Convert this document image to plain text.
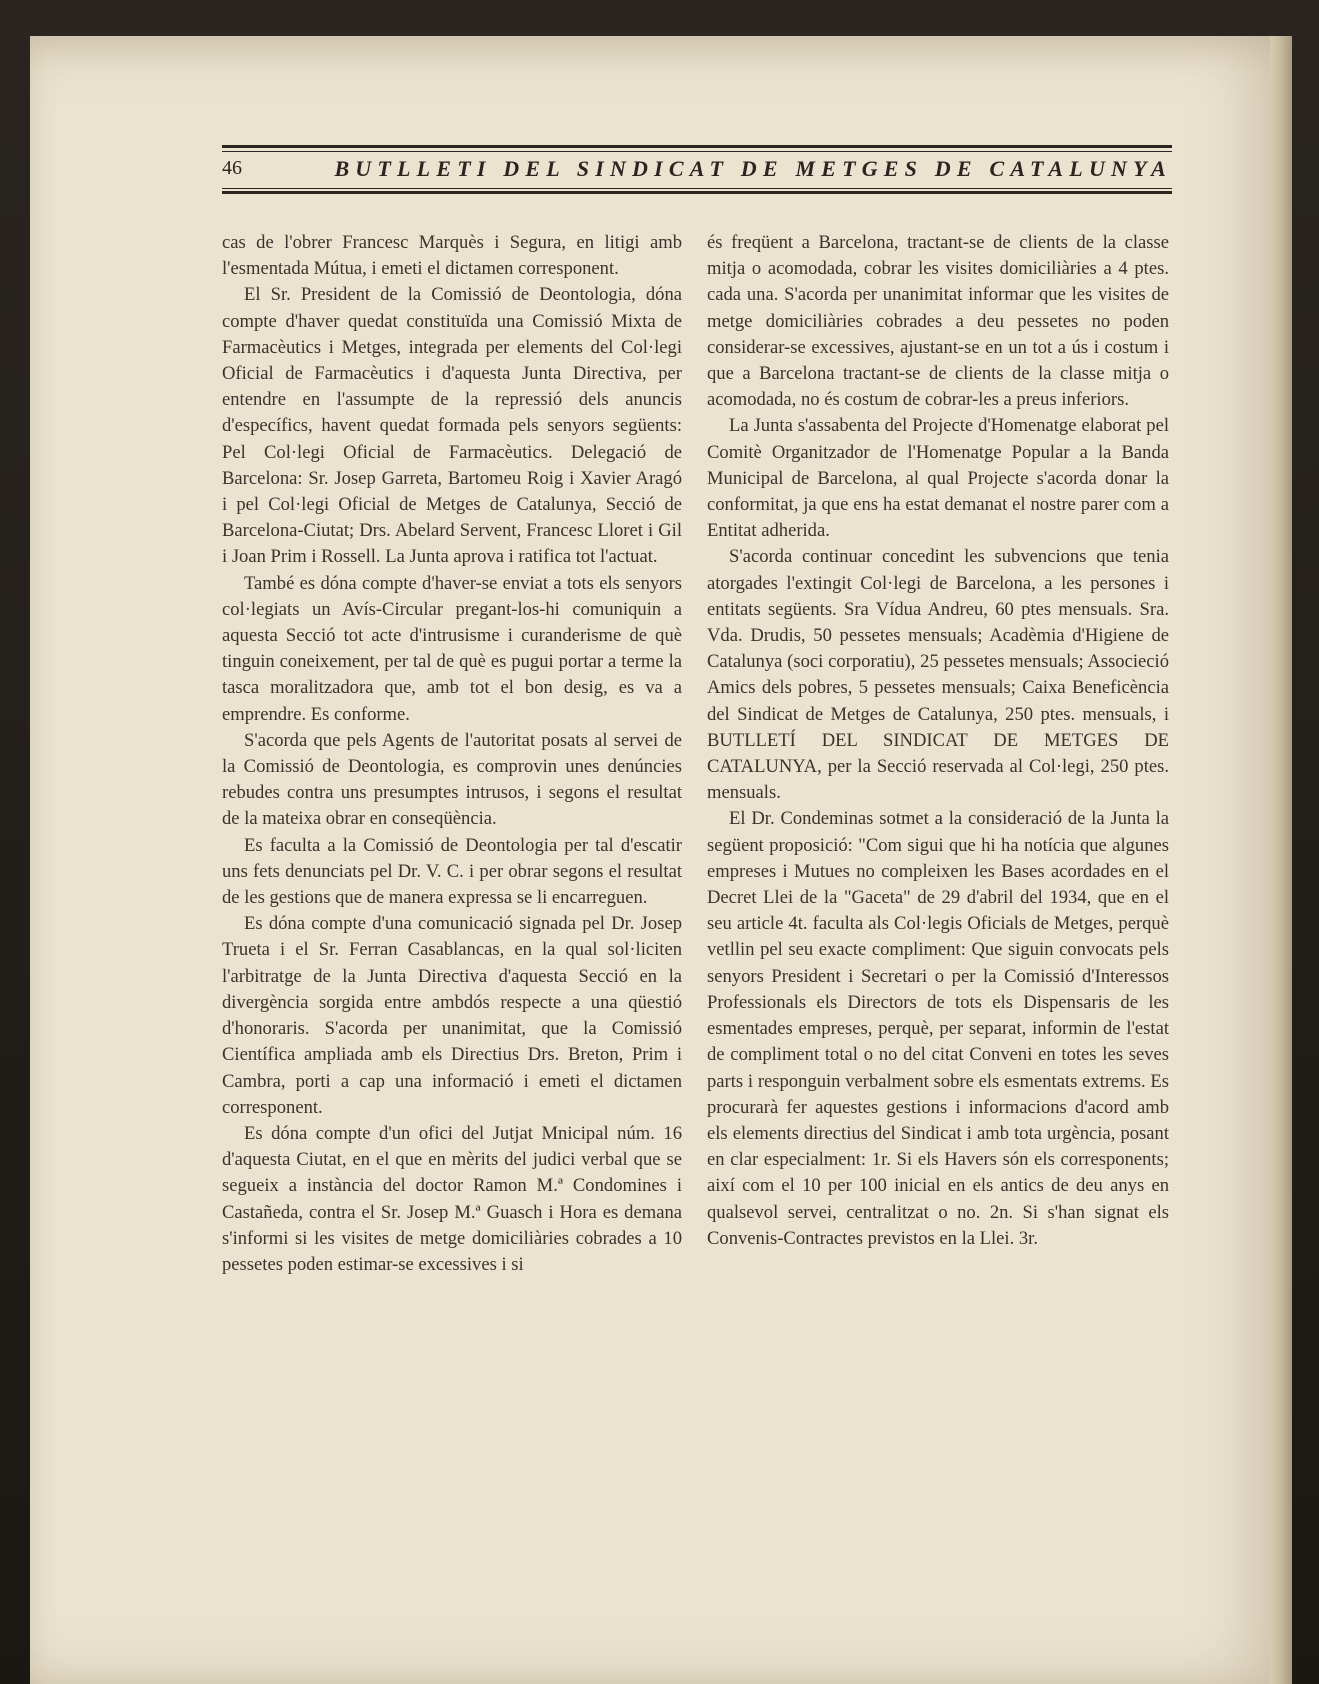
46	BUTLLETI DEL SINDICAT DE METGES DE CATALUNYA

cas de l'obrer Francesc Marquès i Segura, en litigi amb l'esmentada Mútua, i emeti el dictamen corresponent.

El Sr. President de la Comissió de Deontologia, dóna compte d'haver quedat constituïda una Comissió Mixta de Farmacèutics i Metges, integrada per elements del Col·legi Oficial de Farmacèutics i d'aquesta Junta Directiva, per entendre en l'assumpte de la repressió dels anuncis d'específics, havent quedat formada pels senyors següents: Pel Col·legi Oficial de Farmacèutics. Delegació de Barcelona: Sr. Josep Garreta, Bartomeu Roig i Xavier Aragó i pel Col·legi Oficial de Metges de Catalunya, Secció de Barcelona-Ciutat; Drs. Abelard Servent, Francesc Lloret i Gil i Joan Prim i Rossell. La Junta aprova i ratifica tot l'actuat.

També es dóna compte d'haver-se enviat a tots els senyors col·legiats un Avís-Circular pregant-los-hi comuniquin a aquesta Secció tot acte d'intrusisme i curanderisme de què tinguin coneixement, per tal de què es pugui portar a terme la tasca moralitzadora que, amb tot el bon desig, es va a emprendre. Es conforme.

S'acorda que pels Agents de l'autoritat posats al servei de la Comissió de Deontologia, es comprovin unes denúncies rebudes contra uns presumptes intrusos, i segons el resultat de la mateixa obrar en conseqüència.

Es faculta a la Comissió de Deontologia per tal d'escatir uns fets denunciats pel Dr. V. C. i per obrar segons el resultat de les gestions que de manera expressa se li encarreguen.

Es dóna compte d'una comunicació signada pel Dr. Josep Trueta i el Sr. Ferran Casablancas, en la qual sol·liciten l'arbitratge de la Junta Directiva d'aquesta Secció en la divergència sorgida entre ambdós respecte a una qüestió d'honoraris. S'acorda per unanimitat, que la Comissió Científica ampliada amb els Directius Drs. Breton, Prim i Cambra, porti a cap una informació i emeti el dictamen corresponent.

Es dóna compte d'un ofici del Jutjat Mnicipal núm. 16 d'aquesta Ciutat, en el que en mèrits del judici verbal que se segueix a instància del doctor Ramon M.ª Condomines i Castañeda, contra el Sr. Josep M.ª Guasch i Hora es demana s'informi si les visites de metge domiciliàries cobrades a 10 pessetes poden estimar-se excessives i si

és freqüent a Barcelona, tractant-se de clients de la classe mitja o acomodada, cobrar les visites domiciliàries a 4 ptes. cada una. S'acorda per unanimitat informar que les visites de metge domiciliàries cobrades a deu pessetes no poden considerar-se excessives, ajustant-se en un tot a ús i costum i que a Barcelona tractant-se de clients de la classe mitja o acomodada, no és costum de cobrar-les a preus inferiors.

La Junta s'assabenta del Projecte d'Homenatge elaborat pel Comitè Organitzador de l'Homenatge Popular a la Banda Municipal de Barcelona, al qual Projecte s'acorda donar la conformitat, ja que ens ha estat demanat el nostre parer com a Entitat adherida.

S'acorda continuar concedint les subvencions que tenia atorgades l'extingit Col·legi de Barcelona, a les persones i entitats següents. Sra Vídua Andreu, 60 ptes mensuals. Sra. Vda. Drudis, 50 pessetes mensuals; Acadèmia d'Higiene de Catalunya (soci corporatiu), 25 pessetes mensuals; Associeció Amics dels pobres, 5 pessetes mensuals; Caixa Beneficència del Sindicat de Metges de Catalunya, 250 ptes. mensuals, i BUTLLETÍ DEL SINDICAT DE METGES DE CATALUNYA, per la Secció reservada al Col·legi, 250 ptes. mensuals.

El Dr. Condeminas sotmet a la consideració de la Junta la següent proposició: "Com sigui que hi ha notícia que algunes empreses i Mutues no compleixen les Bases acordades en el Decret Llei de la "Gaceta" de 29 d'abril del 1934, que en el seu article 4t. faculta als Col·legis Oficials de Metges, perquè vetllin pel seu exacte compliment: Que siguin convocats pels senyors President i Secretari o per la Comissió d'Interessos Professionals els Directors de tots els Dispensaris de les esmentades empreses, perquè, per separat, informin de l'estat de compliment total o no del citat Conveni en totes les seves parts i responguin verbalment sobre els esmentats extrems. Es procurarà fer aquestes gestions i informacions d'acord amb els elements directius del Sindicat i amb tota urgència, posant en clar especialment: 1r. Si els Havers són els corresponents; així com el 10 per 100 inicial en els antics de deu anys en qualsevol servei, centralitzat o no. 2n. Si s'han signat els Convenis-Contractes previstos en la Llei. 3r.
